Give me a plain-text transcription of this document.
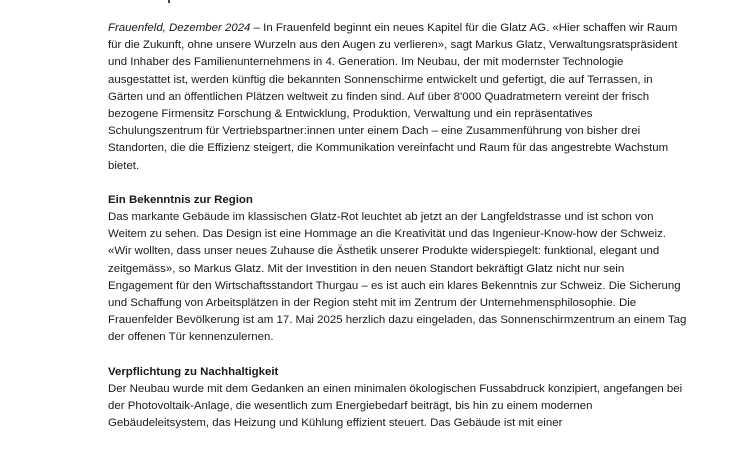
Frauenfeld, Dezember 2024 – In Frauenfeld beginnt ein neues Kapitel für die Glatz AG. «Hier schaffen wir Raum für die Zukunft, ohne unsere Wurzeln aus den Augen zu verlieren», sagt Markus Glatz, Verwaltungsratspräsident und Inhaber des Familienunternehmens in 4. Generation. Im Neubau, der mit modernster Technologie ausgestattet ist, werden künftig die bekannten Sonnenschirme entwickelt und gefertigt, die auf Terrassen, in Gärten und an öffentlichen Plätzen weltweit zu finden sind. Auf über 8'000 Quadratmetern vereint der frisch bezogene Firmensitz Forschung & Entwicklung, Produktion, Verwaltung und ein repräsentatives Schulungszentrum für Vertriebspartner:innen unter einem Dach – eine Zusammenführung von bisher drei Standorten, die die Effizienz steigert, die Kommunikation vereinfacht und Raum für das angestrebte Wachstum bietet.

Ein Bekenntnis zur Region

Das markante Gebäude im klassischen Glatz-Rot leuchtet ab jetzt an der Langfeldstrasse und ist schon von Weitem zu sehen. Das Design ist eine Hommage an die Kreativität und das Ingenieur-Know-how der Schweiz. «Wir wollten, dass unser neues Zuhause die Ästhetik unserer Produkte widerspiegelt: funktional, elegant und zeitgemäss», so Markus Glatz. Mit der Investition in den neuen Standort bekräftigt Glatz nicht nur sein Engagement für den Wirtschaftsstandort Thurgau – es ist auch ein klares Bekenntnis zur Schweiz. Die Sicherung und Schaffung von Arbeitsplätzen in der Region steht mit im Zentrum der Unternehmensphilosophie. Die Frauenfelder Bevölkerung ist am 17. Mai 2025 herzlich dazu eingeladen, das Sonnenschirmzentrum an einem Tag der offenen Tür kennenzulernen.

Verpflichtung zu Nachhaltigkeit

Der Neubau wurde mit dem Gedanken an einen minimalen ökologischen Fussabdruck konzipiert, angefangen bei der Photovoltaik-Anlage, die wesentlich zum Energiebedarf beiträgt, bis hin zu einem modernen Gebäudeleitsystem, das Heizung und Kühlung effizient steuert. Das Gebäude ist mit einer
